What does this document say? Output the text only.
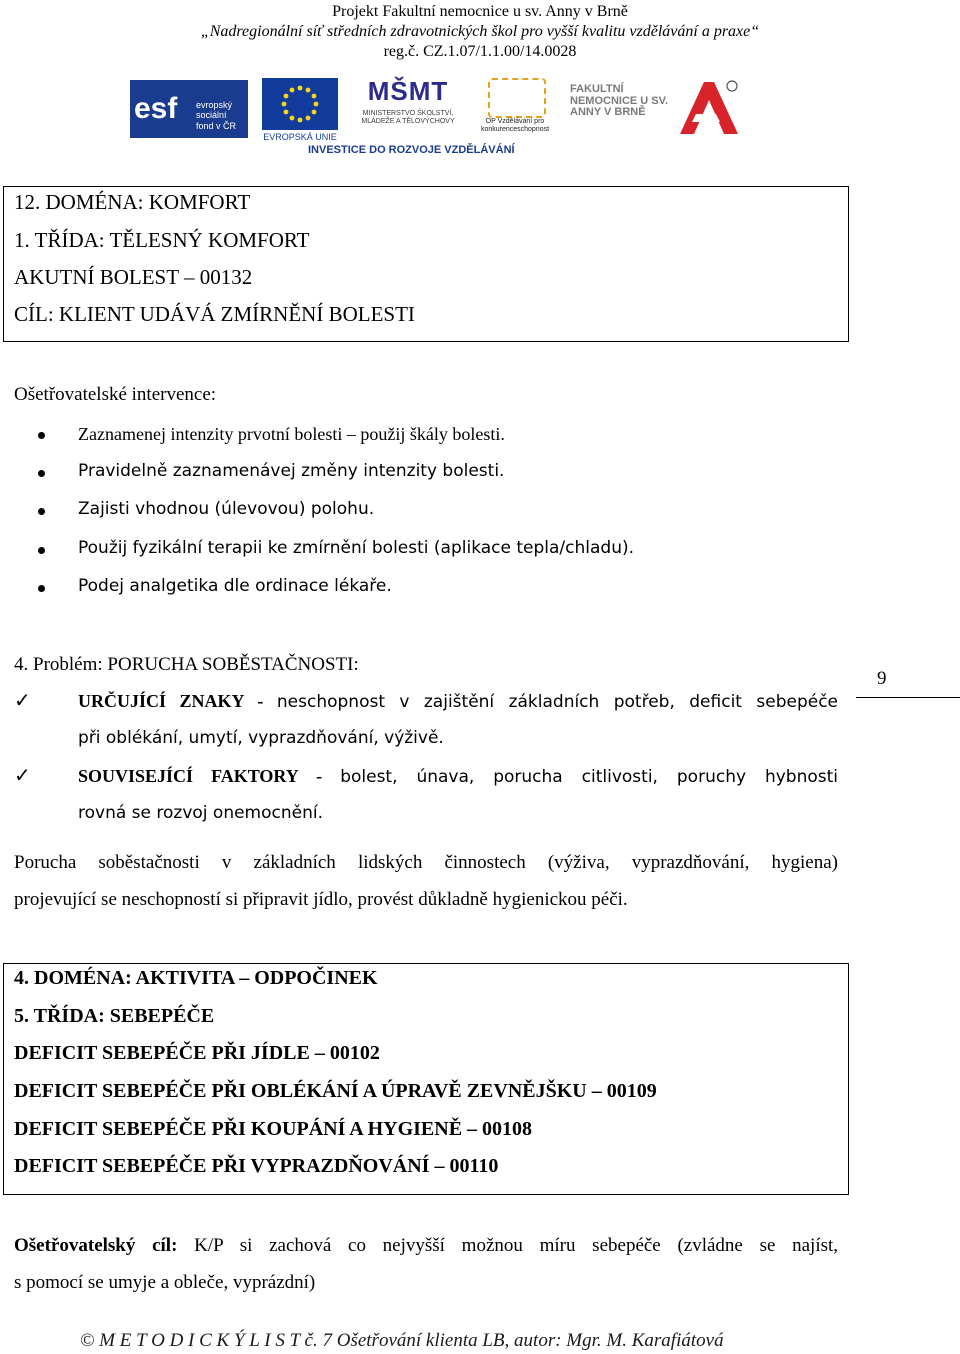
Projekt Fakultní nemocnice u sv. Anny v Brně
„Nadregionální síť středních zdravotnických škol pro vyšší kvalitu vzdělávání a praxe“
reg.č. CZ.1.07/1.1.00/14.0028
esf	evropský sociální fond v ČR
EVROPSKÁ UNIE
MŠMT
MINISTERSTVO ŠKOLSTVÍ, MLÁDEŽE A TĚLOVÝCHOVY	OP Vzdělávání pro konkurenceschopnost
FAKULTNÍ NEMOCNICE U SV. ANNY V BRNĚ
INVESTICE DO ROZVOJE VZDĚLÁVÁNÍ
12. DOMÉNA: KOMFORT
1. TŘÍDA: TĚLESNÝ KOMFORT
AKUTNÍ BOLEST – 00132
CÍL: KLIENT UDÁVÁ ZMÍRNĚNÍ BOLESTI
Ošetřovatelské intervence:
Zaznamenej intenzity prvotní bolesti – použij škály bolesti.
Pravidelně zaznamenávej změny intenzity bolesti.
Zajisti vhodnou (úlevovou) polohu.
Použij fyzikální terapii ke zmírnění bolesti (aplikace tepla/chladu).
Podej analgetika dle ordinace lékaře.
4. Problém: PORUCHA SOBĚSTAČNOSTI:
✓	URČUJÍCÍ ZNAKY - neschopnost v zajištění základních potřeb, deficit sebepéče
při oblékání, umytí, vyprazdňování, výživě.
✓	SOUVISEJÍCÍ FAKTORY - bolest, únava, porucha citlivosti, poruchy hybnosti
rovná se rozvoj onemocnění.
Porucha soběstačnosti v základních lidských činnostech (výživa, vyprazdňování, hygiena)
projevující se neschopností si připravit jídlo, provést důkladně hygienickou péči.
9
4. DOMÉNA: AKTIVITA – ODPOČINEK
5. TŘÍDA: SEBEPÉČE
DEFICIT SEBEPÉČE PŘI JÍDLE – 00102
DEFICIT SEBEPÉČE PŘI OBLÉKÁNÍ A ÚPRAVĚ ZEVNĚJŠKU – 00109
DEFICIT SEBEPÉČE PŘI KOUPÁNÍ A HYGIENĚ – 00108
DEFICIT SEBEPÉČE PŘI VYPRAZDŇOVÁNÍ – 00110
Ošetřovatelský cíl: K/P si zachová co nejvyšší možnou míru sebepéče (zvládne se najíst,
s pomocí se umyje a obleče, vyprázdní)
© M E T O D I C K Ý L I S T č. 7 Ošetřování klienta LB, autor: Mgr. M. Karafiátová
